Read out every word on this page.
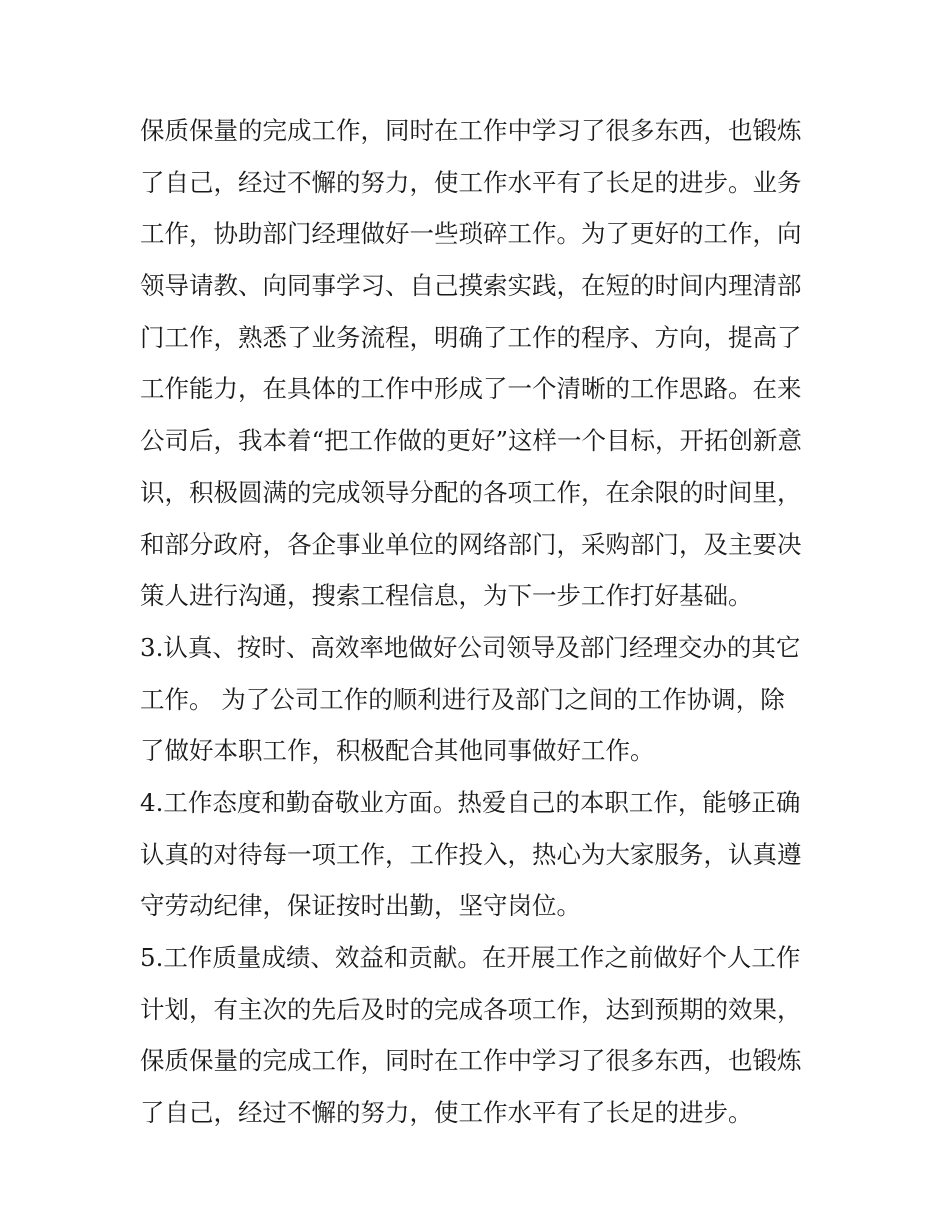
保质保量的完成工作，同时在工作中学习了很多东西，也锻炼
了自己，经过不懈的努力，使工作水平有了长足的进步。业务
工作，协助部门经理做好一些琐碎工作。为了更好的工作，向
领导请教、向同事学习、自己摸索实践，在短的时间内理清部
门工作，熟悉了业务流程，明确了工作的程序、方向，提高了
工作能力，在具体的工作中形成了一个清晰的工作思路。在来
公司后，我本着“把工作做的更好”这样一个目标，开拓创新意
识，积极圆满的完成领导分配的各项工作，在余限的时间里，
和部分政府，各企事业单位的网络部门，采购部门，及主要决
策人进行沟通，搜索工程信息，为下一步工作打好基础。
3.认真、按时、高效率地做好公司领导及部门经理交办的其它
工作。 为了公司工作的顺利进行及部门之间的工作协调，除
了做好本职工作，积极配合其他同事做好工作。
4.工作态度和勤奋敬业方面。热爱自己的本职工作，能够正确
认真的对待每一项工作，工作投入，热心为大家服务，认真遵
守劳动纪律，保证按时出勤，坚守岗位。
5.工作质量成绩、效益和贡献。在开展工作之前做好个人工作
计划，有主次的先后及时的完成各项工作，达到预期的效果，
保质保量的完成工作，同时在工作中学习了很多东西，也锻炼
了自己，经过不懈的努力，使工作水平有了长足的进步。
